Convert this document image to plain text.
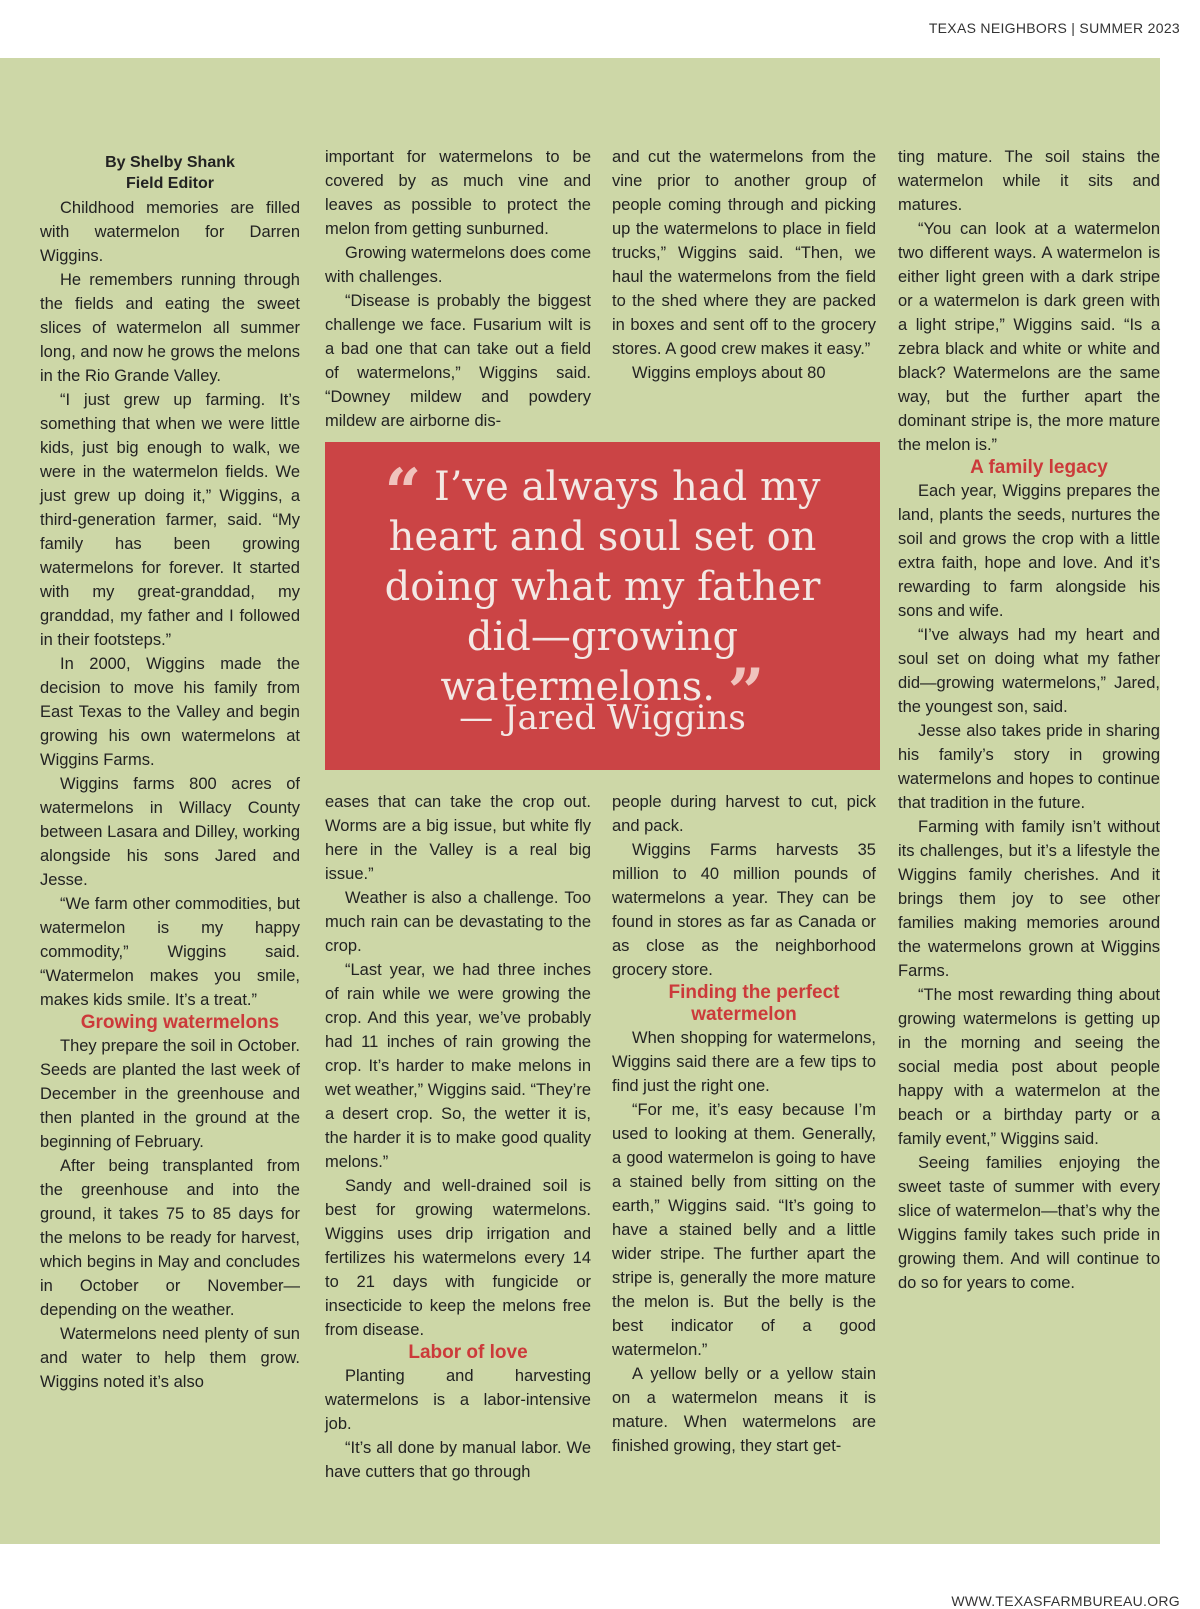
TEXAS NEIGHBORS | SUMMER 2023
By Shelby Shank
Field Editor

Childhood memories are filled with watermelon for Darren Wiggins.

He remembers running through the fields and eating the sweet slices of watermelon all summer long, and now he grows the melons in the Rio Grande Valley.

“I just grew up farming. It’s something that when we were little kids, just big enough to walk, we were in the watermelon fields. We just grew up doing it,” Wiggins, a third-generation farmer, said. “My family has been growing watermelons for forever. It started with my great-granddad, my granddad, my father and I followed in their footsteps.”

In 2000, Wiggins made the decision to move his family from East Texas to the Valley and begin growing his own watermelons at Wiggins Farms.

Wiggins farms 800 acres of watermelons in Willacy County between Lasara and Dilley, working alongside his sons Jared and Jesse.

“We farm other commodities, but watermelon is my happy commodity,” Wiggins said. “Watermelon makes you smile, makes kids smile. It’s a treat.”

Growing watermelons

They prepare the soil in October. Seeds are planted the last week of December in the greenhouse and then planted in the ground at the beginning of February.

After being transplanted from the greenhouse and into the ground, it takes 75 to 85 days for the melons to be ready for harvest, which begins in May and concludes in October or November—depending on the weather.

Watermelons need plenty of sun and water to help them grow. Wiggins noted it’s also

important for watermelons to be covered by as much vine and leaves as possible to protect the melon from getting sunburned.

Growing watermelons does come with challenges.

“Disease is probably the biggest challenge we face. Fusarium wilt is a bad one that can take out a field of watermelons,” Wiggins said. “Downey mildew and powdery mildew are airborne dis-

and cut the watermelons from the vine prior to another group of people coming through and picking up the watermelons to place in field trucks,” Wiggins said. “Then, we haul the watermelons from the field to the shed where they are packed in boxes and sent off to the grocery stores. A good crew makes it easy.”

Wiggins employs about 80

“ I’ve always had my heart and soul set on doing what my father did—growing watermelons. ”
— Jared Wiggins

eases that can take the crop out. Worms are a big issue, but white fly here in the Valley is a real big issue.”

Weather is also a challenge. Too much rain can be devastating to the crop.

“Last year, we had three inches of rain while we were growing the crop. And this year, we’ve probably had 11 inches of rain growing the crop. It’s harder to make melons in wet weather,” Wiggins said. “They’re a desert crop. So, the wetter it is, the harder it is to make good quality melons.”

Sandy and well-drained soil is best for growing watermelons. Wiggins uses drip irrigation and fertilizes his watermelons every 14 to 21 days with fungicide or insecticide to keep the melons free from disease.

Labor of love

Planting and harvesting watermelons is a labor-intensive job.

“It’s all done by manual labor. We have cutters that go through

people during harvest to cut, pick and pack.

Wiggins Farms harvests 35 million to 40 million pounds of watermelons a year. They can be found in stores as far as Canada or as close as the neighborhood grocery store.

Finding the perfect watermelon

When shopping for watermelons, Wiggins said there are a few tips to find just the right one.

“For me, it’s easy because I’m used to looking at them. Generally, a good watermelon is going to have a stained belly from sitting on the earth,” Wiggins said. “It’s going to have a stained belly and a little wider stripe. The further apart the stripe is, generally the more mature the melon is. But the belly is the best indicator of a good watermelon.”

A yellow belly or a yellow stain on a watermelon means it is mature. When watermelons are finished growing, they start get-

ting mature. The soil stains the watermelon while it sits and matures.

“You can look at a watermelon two different ways. A watermelon is either light green with a dark stripe or a watermelon is dark green with a light stripe,” Wiggins said. “Is a zebra black and white or white and black? Watermelons are the same way, but the further apart the dominant stripe is, the more mature the melon is.”

A family legacy

Each year, Wiggins prepares the land, plants the seeds, nurtures the soil and grows the crop with a little extra faith, hope and love. And it’s rewarding to farm alongside his sons and wife.

“I’ve always had my heart and soul set on doing what my father did—growing watermelons,” Jared, the youngest son, said.

Jesse also takes pride in sharing his family’s story in growing watermelons and hopes to continue that tradition in the future.

Farming with family isn’t without its challenges, but it’s a lifestyle the Wiggins family cherishes. And it brings them joy to see other families making memories around the watermelons grown at Wiggins Farms.

“The most rewarding thing about growing watermelons is getting up in the morning and seeing the social media post about people happy with a watermelon at the beach or a birthday party or a family event,” Wiggins said.

Seeing families enjoying the sweet taste of summer with every slice of watermelon—that’s why the Wiggins family takes such pride in growing them. And will continue to do so for years to come.

WWW.TEXASFARMBUREAU.ORG
